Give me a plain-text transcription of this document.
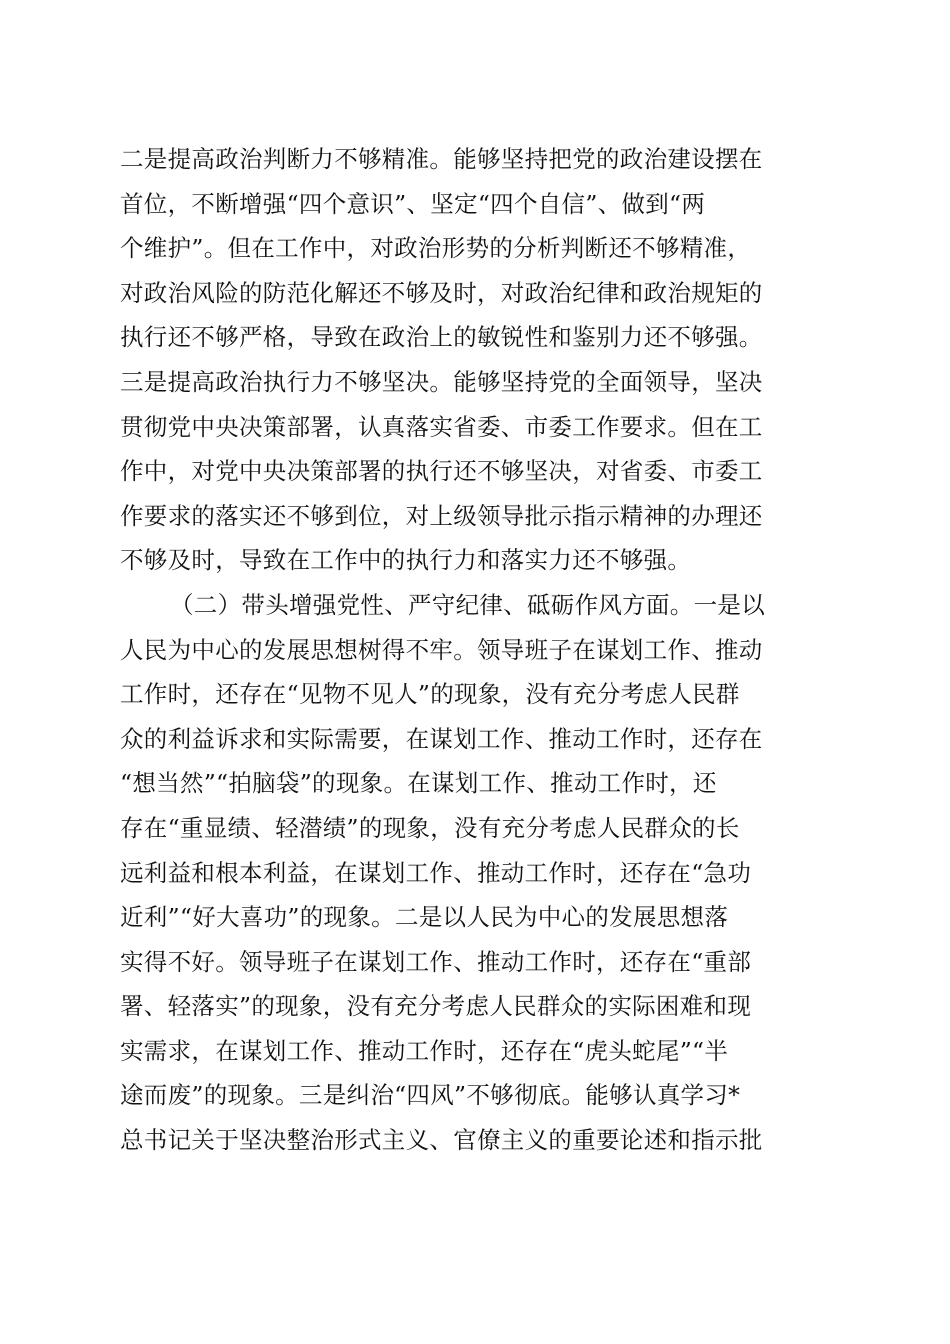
二是提高政治判断力不够精准。能够坚持把党的政治建设摆在
首位，不断增强“四个意识”、坚定“四个自信”、做到“两
个维护”。但在工作中，对政治形势的分析判断还不够精准，
对政治风险的防范化解还不够及时，对政治纪律和政治规矩的
执行还不够严格，导致在政治上的敏锐性和鉴别力还不够强。
三是提高政治执行力不够坚决。能够坚持党的全面领导，坚决
贯彻党中央决策部署，认真落实省委、市委工作要求。但在工
作中，对党中央决策部署的执行还不够坚决，对省委、市委工
作要求的落实还不够到位，对上级领导批示指示精神的办理还
不够及时，导致在工作中的执行力和落实力还不够强。
（二）带头增强党性、严守纪律、砥砺作风方面。一是以
人民为中心的发展思想树得不牢。领导班子在谋划工作、推动
工作时，还存在“见物不见人”的现象，没有充分考虑人民群
众的利益诉求和实际需要，在谋划工作、推动工作时，还存在
“想当然”“拍脑袋”的现象。在谋划工作、推动工作时，还
存在“重显绩、轻潜绩”的现象，没有充分考虑人民群众的长
远利益和根本利益，在谋划工作、推动工作时，还存在“急功
近利”“好大喜功”的现象。二是以人民为中心的发展思想落
实得不好。领导班子在谋划工作、推动工作时，还存在“重部
署、轻落实”的现象，没有充分考虑人民群众的实际困难和现
实需求，在谋划工作、推动工作时，还存在“虎头蛇尾”“半
途而废”的现象。三是纠治“四风”不够彻底。能够认真学习*
总书记关于坚决整治形式主义、官僚主义的重要论述和指示批
